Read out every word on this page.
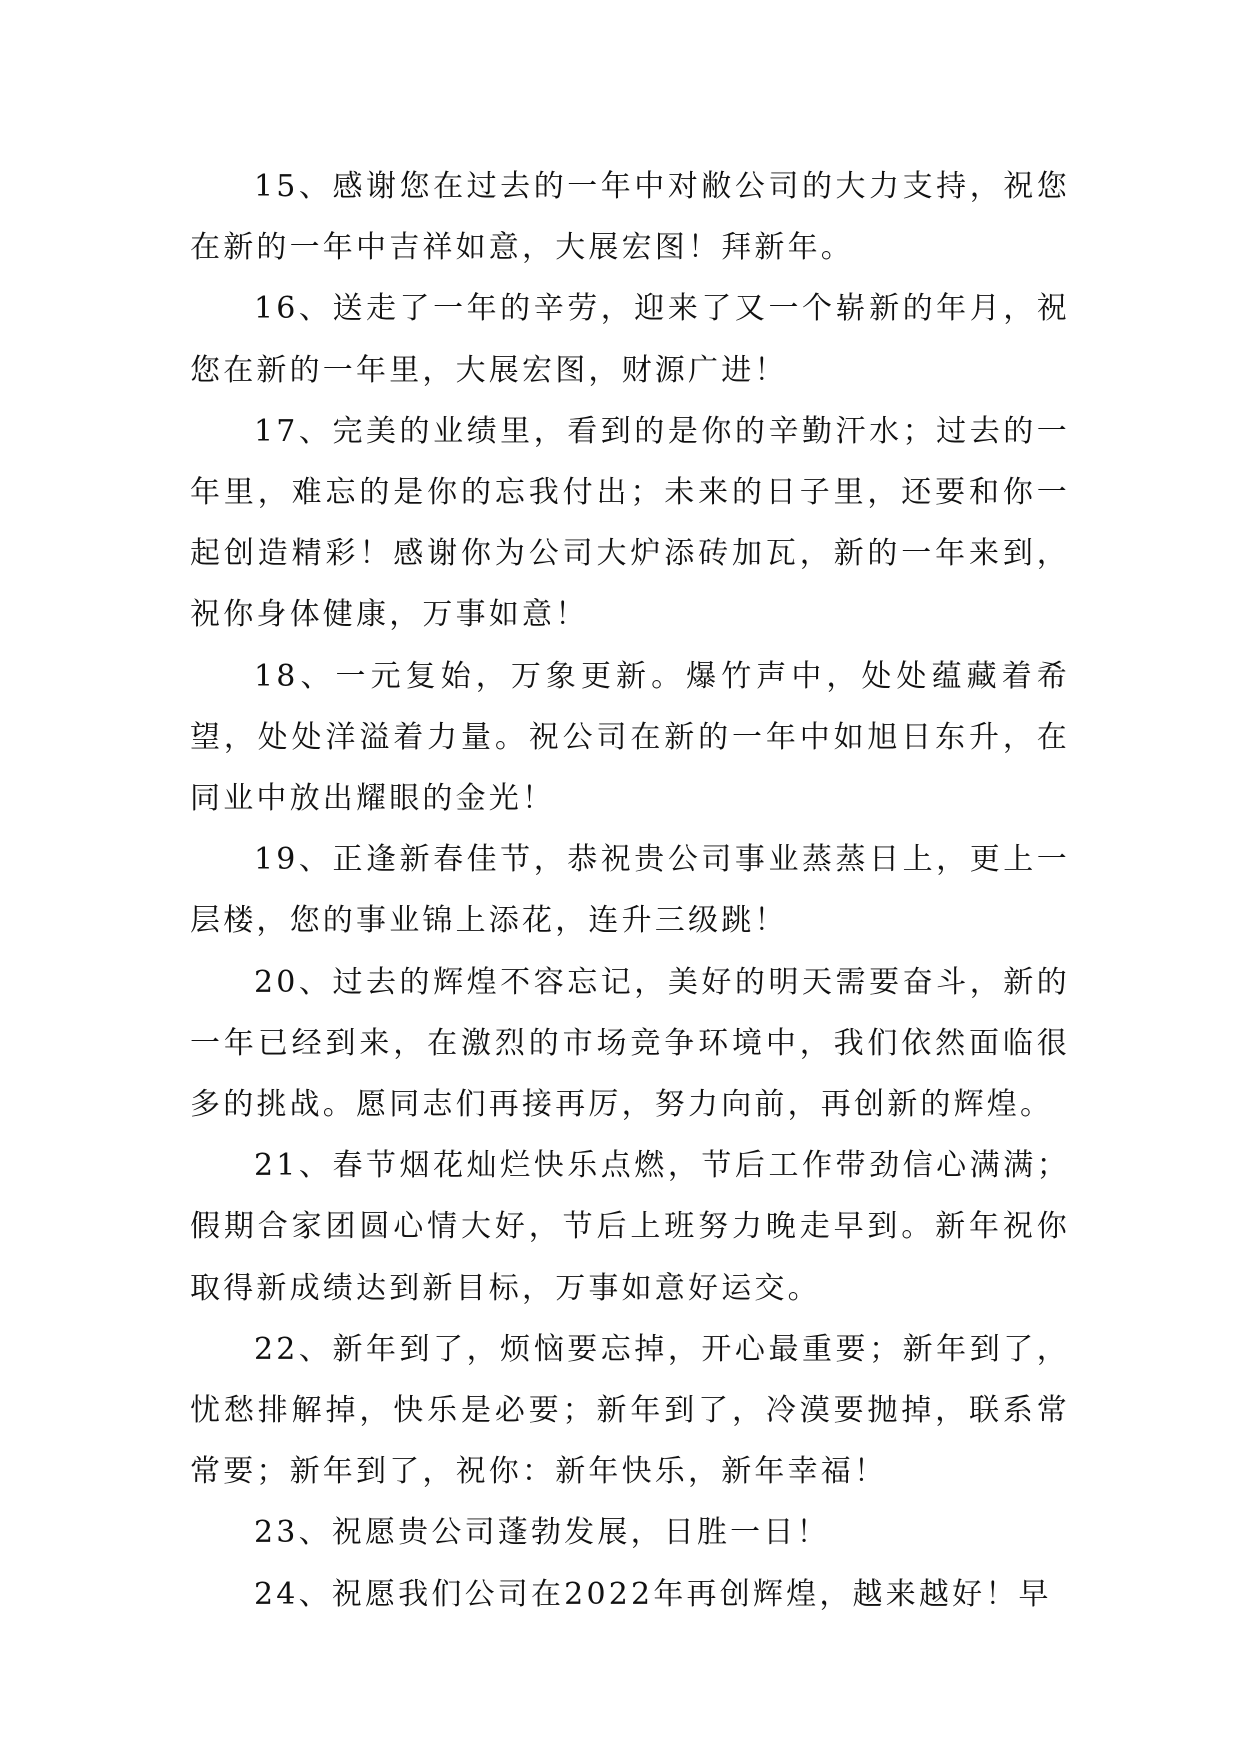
15、感谢您在过去的一年中对敝公司的大力支持，祝您在新的一年中吉祥如意，大展宏图！拜新年。

16、送走了一年的辛劳，迎来了又一个崭新的年月，祝您在新的一年里，大展宏图，财源广进！

17、完美的业绩里，看到的是你的辛勤汗水；过去的一年里，难忘的是你的忘我付出；未来的日子里，还要和你一起创造精彩！感谢你为公司大炉添砖加瓦，新的一年来到，祝你身体健康，万事如意！

18、一元复始，万象更新。爆竹声中，处处蕴藏着希望，处处洋溢着力量。祝公司在新的一年中如旭日东升，在同业中放出耀眼的金光！

19、正逢新春佳节，恭祝贵公司事业蒸蒸日上，更上一层楼，您的事业锦上添花，连升三级跳！

20、过去的辉煌不容忘记，美好的明天需要奋斗，新的一年已经到来，在激烈的市场竞争环境中，我们依然面临很多的挑战。愿同志们再接再厉，努力向前，再创新的辉煌。

21、春节烟花灿烂快乐点燃，节后工作带劲信心满满；假期合家团圆心情大好，节后上班努力晚走早到。新年祝你取得新成绩达到新目标，万事如意好运交。

22、新年到了，烦恼要忘掉，开心最重要；新年到了，忧愁排解掉，快乐是必要；新年到了，冷漠要抛掉，联系常常要；新年到了，祝你：新年快乐，新年幸福！

23、祝愿贵公司蓬勃发展，日胜一日！

24、祝愿我们公司在2022年再创辉煌，越来越好！早
